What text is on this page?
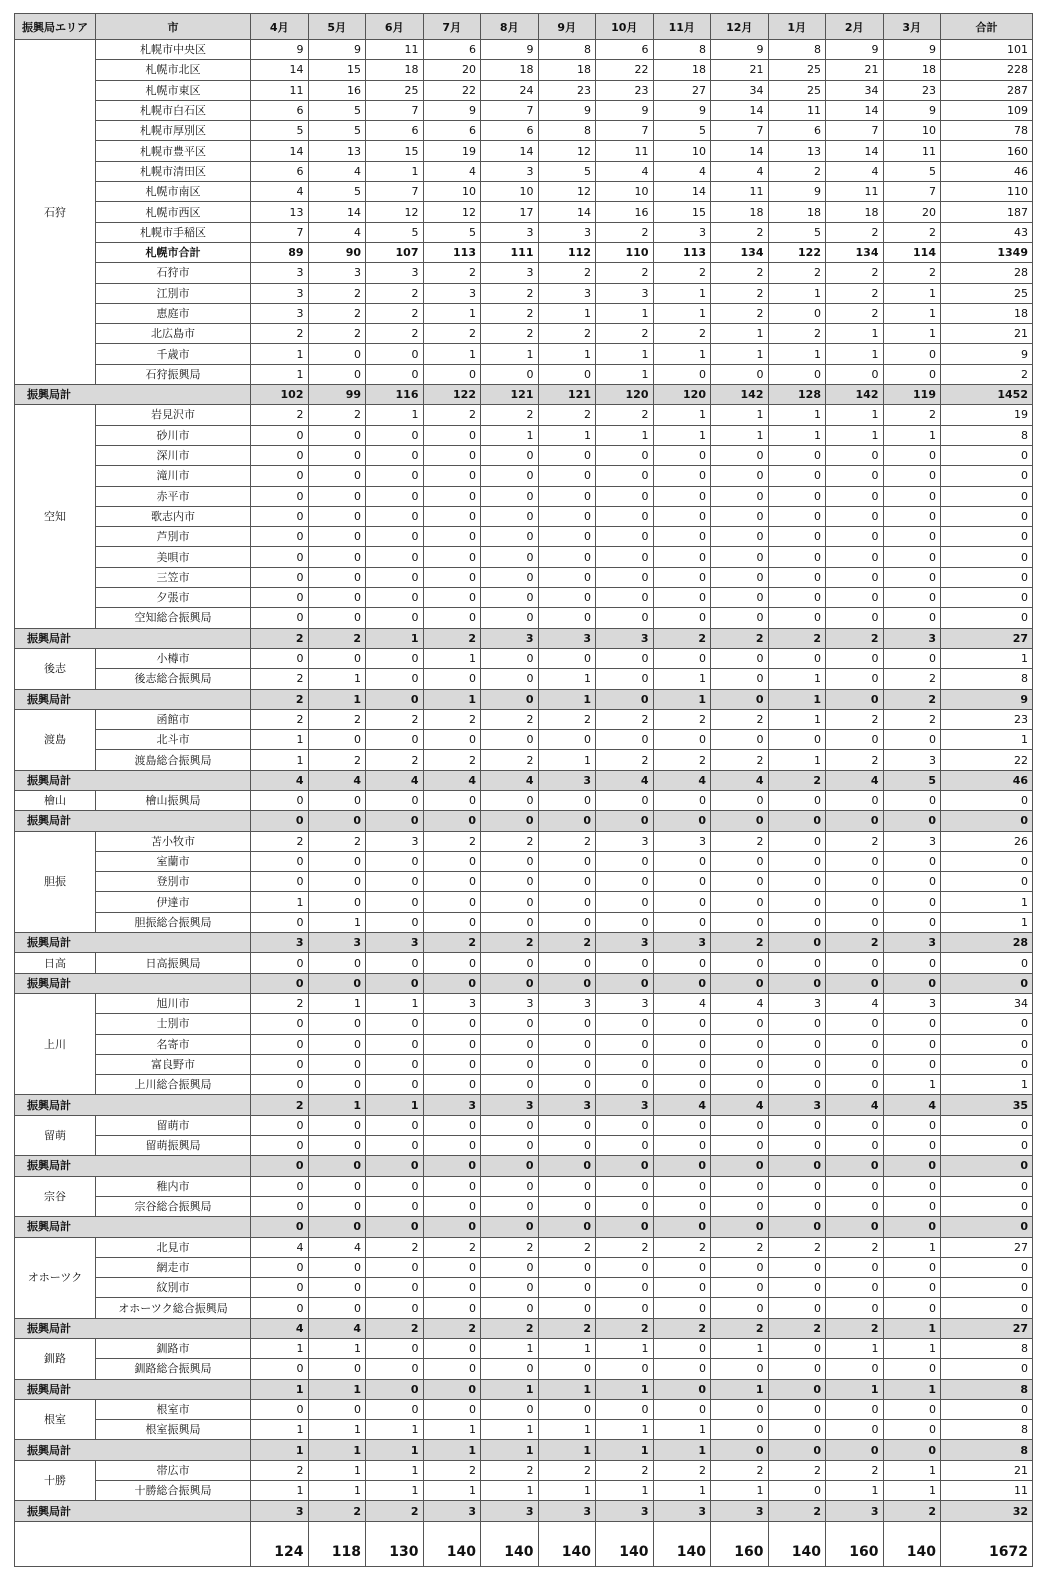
振興局エリア	市	4月	5月	6月	7月	8月	9月	10月	11月	12月	1月	2月	3月	合計
石狩	札幌市中央区	9	9	11	6	9	8	6	8	9	8	9	9	101
	札幌市北区	14	15	18	20	18	18	22	18	21	25	21	18	228
	札幌市東区	11	16	25	22	24	23	23	27	34	25	34	23	287
	札幌市白石区	6	5	7	9	7	9	9	9	14	11	14	9	109
	札幌市厚別区	5	5	6	6	6	8	7	5	7	6	7	10	78
	札幌市豊平区	14	13	15	19	14	12	11	10	14	13	14	11	160
	札幌市清田区	6	4	1	4	3	5	4	4	4	2	4	5	46
	札幌市南区	4	5	7	10	10	12	10	14	11	9	11	7	110
	札幌市西区	13	14	12	12	17	14	16	15	18	18	18	20	187
	札幌市手稲区	7	4	5	5	3	3	2	3	2	5	2	2	43
	札幌市合計	89	90	107	113	111	112	110	113	134	122	134	114	1349
	石狩市	3	3	3	2	3	2	2	2	2	2	2	2	28
	江別市	3	2	2	3	2	3	3	1	2	1	2	1	25
	恵庭市	3	2	2	1	2	1	1	1	2	0	2	1	18
	北広島市	2	2	2	2	2	2	2	2	1	2	1	1	21
	千歳市	1	0	0	1	1	1	1	1	1	1	1	0	9
	石狩振興局	1	0	0	0	0	0	1	0	0	0	0	0	2
振興局計		102	99	116	122	121	121	120	120	142	128	142	119	1452
空知	岩見沢市	2	2	1	2	2	2	2	1	1	1	1	2	19
	砂川市	0	0	0	0	1	1	1	1	1	1	1	1	8
	深川市	0	0	0	0	0	0	0	0	0	0	0	0	0
	滝川市	0	0	0	0	0	0	0	0	0	0	0	0	0
	赤平市	0	0	0	0	0	0	0	0	0	0	0	0	0
	歌志内市	0	0	0	0	0	0	0	0	0	0	0	0	0
	芦別市	0	0	0	0	0	0	0	0	0	0	0	0	0
	美唄市	0	0	0	0	0	0	0	0	0	0	0	0	0
	三笠市	0	0	0	0	0	0	0	0	0	0	0	0	0
	夕張市	0	0	0	0	0	0	0	0	0	0	0	0	0
	空知総合振興局	0	0	0	0	0	0	0	0	0	0	0	0	0
振興局計		2	2	1	2	3	3	3	2	2	2	2	3	27
後志	小樽市	0	0	0	1	0	0	0	0	0	0	0	0	1
	後志総合振興局	2	1	0	0	0	1	0	1	0	1	0	2	8
振興局計		2	1	0	1	0	1	0	1	0	1	0	2	9
渡島	函館市	2	2	2	2	2	2	2	2	2	1	2	2	23
	北斗市	1	0	0	0	0	0	0	0	0	0	0	0	1
	渡島総合振興局	1	2	2	2	2	1	2	2	2	1	2	3	22
振興局計		4	4	4	4	4	3	4	4	4	2	4	5	46
檜山	檜山振興局	0	0	0	0	0	0	0	0	0	0	0	0	0
振興局計		0	0	0	0	0	0	0	0	0	0	0	0	0
胆振	苫小牧市	2	2	3	2	2	2	3	3	2	0	2	3	26
	室蘭市	0	0	0	0	0	0	0	0	0	0	0	0	0
	登別市	0	0	0	0	0	0	0	0	0	0	0	0	0
	伊達市	1	0	0	0	0	0	0	0	0	0	0	0	1
	胆振総合振興局	0	1	0	0	0	0	0	0	0	0	0	0	1
振興局計		3	3	3	2	2	2	3	3	2	0	2	3	28
日高	日高振興局	0	0	0	0	0	0	0	0	0	0	0	0	0
振興局計		0	0	0	0	0	0	0	0	0	0	0	0	0
上川	旭川市	2	1	1	3	3	3	3	4	4	3	4	3	34
	士別市	0	0	0	0	0	0	0	0	0	0	0	0	0
	名寄市	0	0	0	0	0	0	0	0	0	0	0	0	0
	富良野市	0	0	0	0	0	0	0	0	0	0	0	0	0
	上川総合振興局	0	0	0	0	0	0	0	0	0	0	0	1	1
振興局計		2	1	1	3	3	3	3	4	4	3	4	4	35
留萌	留萌市	0	0	0	0	0	0	0	0	0	0	0	0	0
	留萌振興局	0	0	0	0	0	0	0	0	0	0	0	0	0
振興局計		0	0	0	0	0	0	0	0	0	0	0	0	0
宗谷	稚内市	0	0	0	0	0	0	0	0	0	0	0	0	0
	宗谷総合振興局	0	0	0	0	0	0	0	0	0	0	0	0	0
振興局計		0	0	0	0	0	0	0	0	0	0	0	0	0
オホーツク	北見市	4	4	2	2	2	2	2	2	2	2	2	1	27
	網走市	0	0	0	0	0	0	0	0	0	0	0	0	0
	紋別市	0	0	0	0	0	0	0	0	0	0	0	0	0
	オホーツク総合振興局	0	0	0	0	0	0	0	0	0	0	0	0	0
振興局計		4	4	2	2	2	2	2	2	2	2	2	1	27
釧路	釧路市	1	1	0	0	1	1	1	0	1	0	1	1	8
	釧路総合振興局	0	0	0	0	0	0	0	0	0	0	0	0	0
振興局計		1	1	0	0	1	1	1	0	1	0	1	1	8
根室	根室市	0	0	0	0	0	0	0	0	0	0	0	0	0
	根室振興局	1	1	1	1	1	1	1	1	0	0	0	0	8
振興局計		1	1	1	1	1	1	1	1	0	0	0	0	8
十勝	帯広市	2	1	1	2	2	2	2	2	2	2	2	1	21
	十勝総合振興局	1	1	1	1	1	1	1	1	1	0	1	1	11
振興局計		3	2	2	3	3	3	3	3	3	2	3	2	32
		124	118	130	140	140	140	140	140	160	140	160	140	1672
